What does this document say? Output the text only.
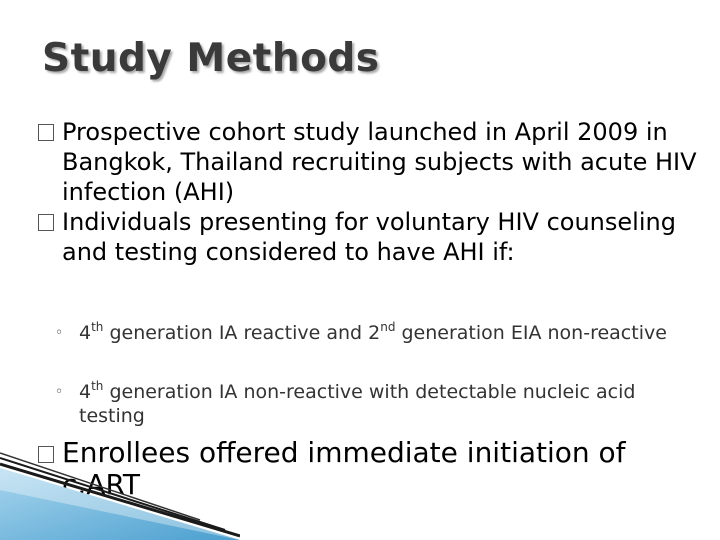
Study Methods
Prospective cohort study launched in April 2009 in Bangkok, Thailand recruiting subjects with acute HIV infection (AHI)
Individuals presenting for voluntary HIV counseling and testing considered to have AHI if:
◦ 4th generation IA reactive and 2nd generation EIA non-reactive
◦ 4th generation IA non-reactive with detectable nucleic acid testing
Enrollees offered immediate initiation of c.ART
